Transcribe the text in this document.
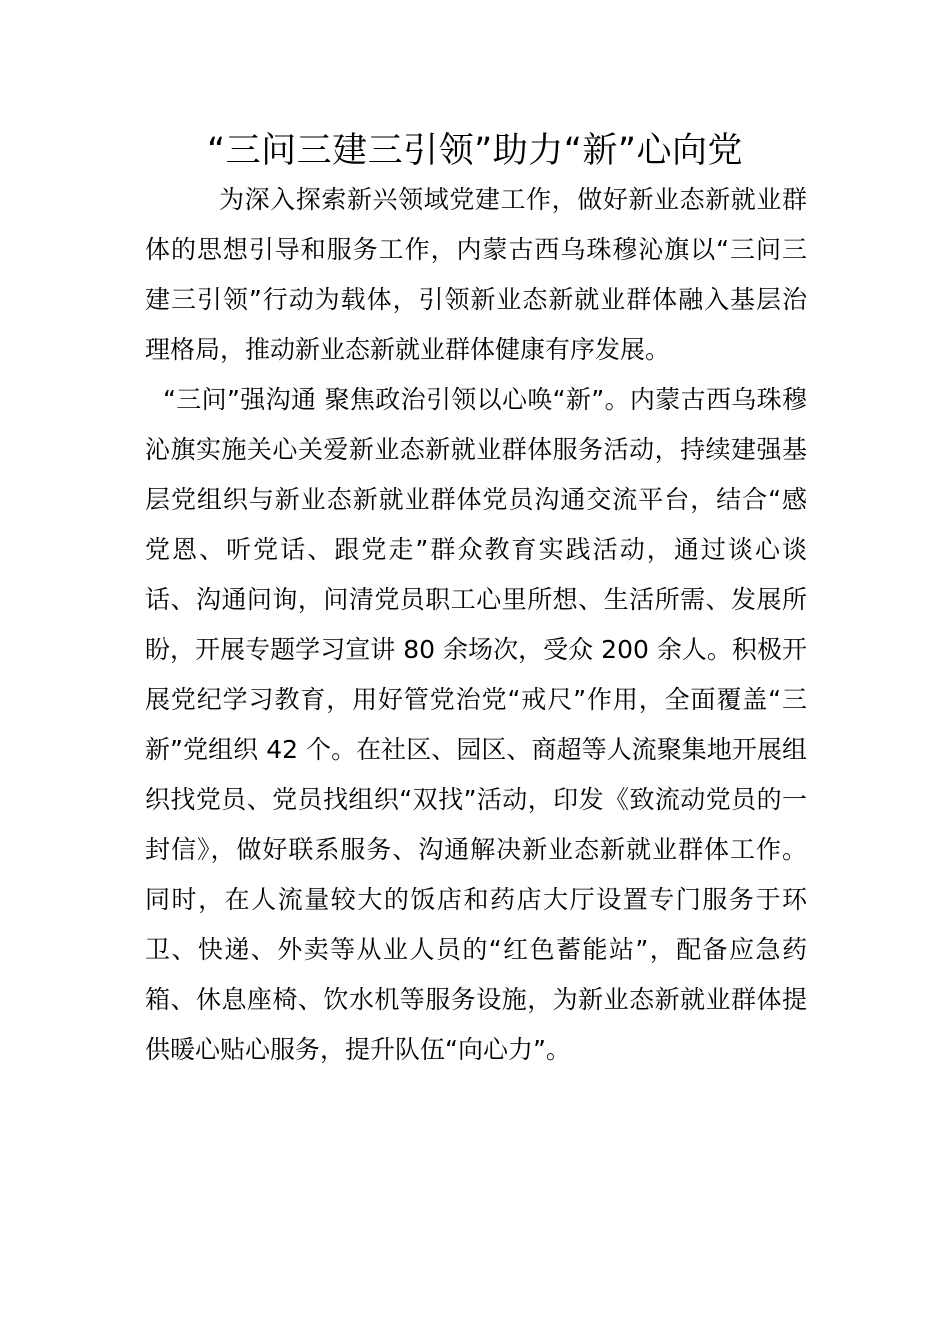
“三问三建三引领”助力“新”心向党

为深入探索新兴领域党建工作，做好新业态新就业群体的思想引导和服务工作，内蒙古西乌珠穆沁旗以“三问三建三引领”行动为载体，引领新业态新就业群体融入基层治理格局，推动新业态新就业群体健康有序发展。

“三问”强沟通 聚焦政治引领以心唤“新”。内蒙古西乌珠穆沁旗实施关心关爱新业态新就业群体服务活动，持续建强基层党组织与新业态新就业群体党员沟通交流平台，结合“感党恩、听党话、跟党走”群众教育实践活动，通过谈心谈话、沟通问询，问清党员职工心里所想、生活所需、发展所盼，开展专题学习宣讲 80 余场次，受众 200 余人。积极开展党纪学习教育，用好管党治党“戒尺”作用，全面覆盖“三新”党组织 42 个。在社区、园区、商超等人流聚集地开展组织找党员、党员找组织“双找”活动，印发《致流动党员的一封信》，做好联系服务、沟通解决新业态新就业群体工作。同时，在人流量较大的饭店和药店大厅设置专门服务于环卫、快递、外卖等从业人员的“红色蓄能站”，配备应急药箱、休息座椅、饮水机等服务设施，为新业态新就业群体提供暖心贴心服务，提升队伍“向心力”。
